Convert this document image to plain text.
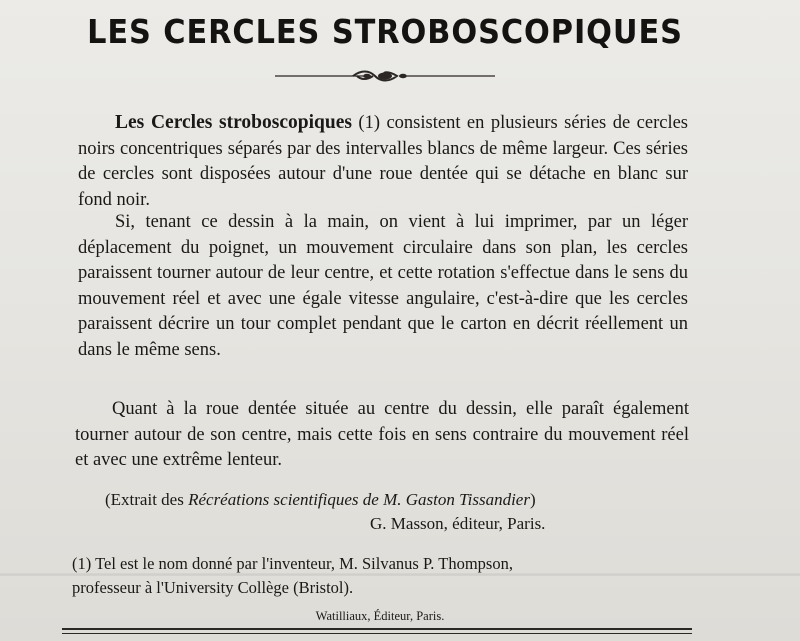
LES CERCLES STROBOSCOPIQUES

Les Cercles stroboscopiques (1) consistent en plusieurs séries de cercles noirs concentriques séparés par des intervalles blancs de même largeur. Ces séries de cercles sont disposées autour d'une roue dentée qui se détache en blanc sur fond noir.

Si, tenant ce dessin à la main, on vient à lui imprimer, par un léger déplacement du poignet, un mouvement circulaire dans son plan, les cercles paraissent tourner autour de leur centre, et cette rotation s'effectue dans le sens du mouvement réel et avec une égale vitesse angulaire, c'est-à-dire que les cercles paraissent décrire un tour complet pendant que le carton en décrit réellement un dans le même sens.

Quant à la roue dentée située au centre du dessin, elle paraît également tourner autour de son centre, mais cette fois en sens contraire du mouvement réel et avec une extrême lenteur.

(Extrait des Récréations scientifiques de M. Gaston Tissandier)
G. Masson, éditeur, Paris.
(1) Tel est le nom donné par l'inventeur, M. Silvanus P. Thompson,
professeur à l'University Collège (Bristol).
Watilliaux, Éditeur, Paris.
